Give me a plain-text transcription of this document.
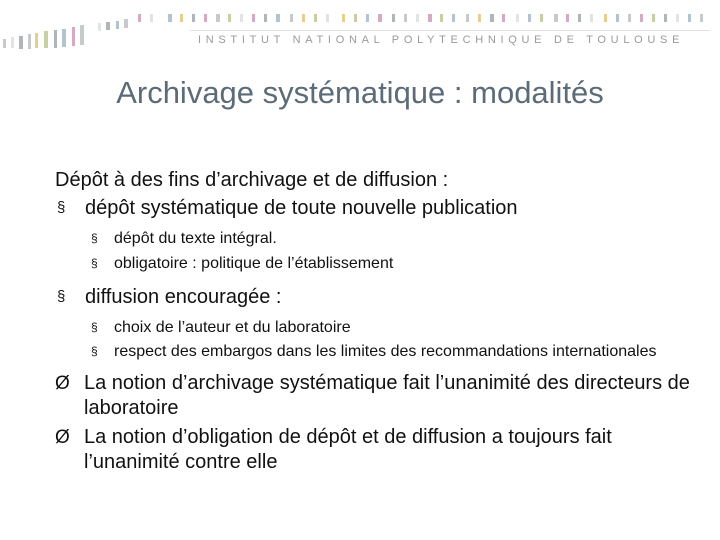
INSTITUT NATIONAL POLYTECHNIQUE DE TOULOUSE
Archivage systématique : modalités
Dépôt à des fins d’archivage et de diffusion :
§ dépôt systématique de toute nouvelle publication
§ dépôt du texte intégral.
§ obligatoire : politique de l’établissement
§ diffusion encouragée :
§ choix de l’auteur et du laboratoire
§ respect des embargos dans les limites des recommandations internationales
Ø La notion d’archivage systématique fait l’unanimité des directeurs de laboratoire
Ø La notion d’obligation de dépôt et de diffusion a toujours fait l’unanimité contre elle
